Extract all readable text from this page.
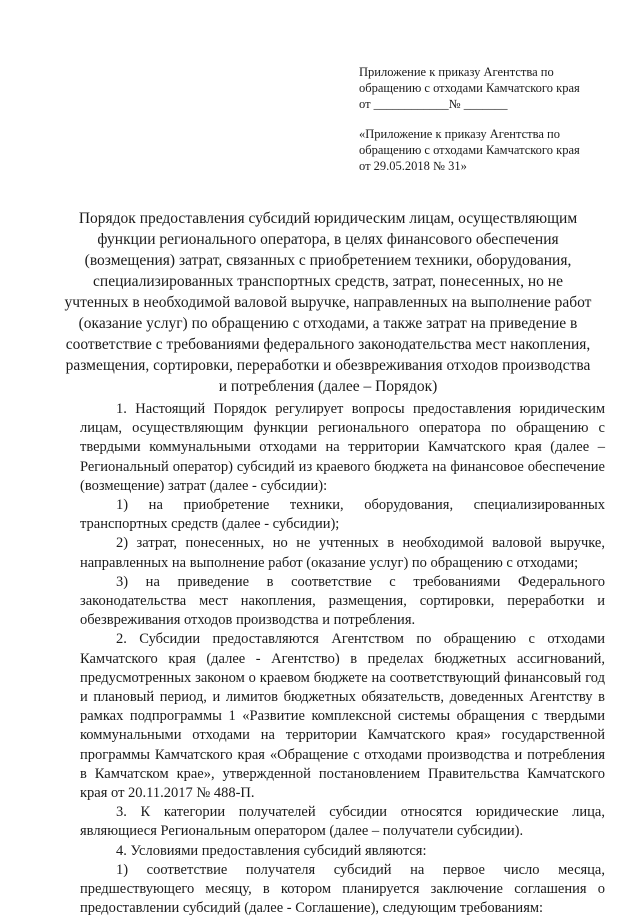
Приложение к приказу Агентства по
обращению с отходами Камчатского края
от ____________№ _______
«Приложение к приказу Агентства по
обращению с отходами Камчатского края
от 29.05.2018 № 31»
Порядок предоставления субсидий юридическим лицам, осуществляющим функции регионального оператора, в целях финансового обеспечения (возмещения) затрат, связанных с приобретением техники, оборудования, специализированных транспортных средств, затрат, понесенных, но не учтенных в необходимой валовой выручке, направленных на выполнение работ (оказание услуг) по обращению с отходами, а также затрат на приведение в соответствие с требованиями федерального законодательства мест накопления, размещения, сортировки, переработки и обезвреживания отходов производства и потребления (далее – Порядок)

1. Настоящий Порядок регулирует вопросы предоставления юридическим лицам, осуществляющим функции регионального оператора по обращению с твердыми коммунальными отходами на территории Камчатского края (далее – Региональный оператор) субсидий из краевого бюджета на финансовое обеспечение (возмещение) затрат (далее - субсидии):

1) на приобретение техники, оборудования, специализированных транспортных средств (далее - субсидии);

2) затрат, понесенных, но не учтенных в необходимой валовой выручке, направленных на выполнение работ (оказание услуг) по обращению с отходами;

3) на приведение в соответствие с требованиями Федерального законодательства мест накопления, размещения, сортировки, переработки и обезвреживания отходов производства и потребления.

2. Субсидии предоставляются Агентством по обращению с отходами Камчатского края (далее - Агентство) в пределах бюджетных ассигнований, предусмотренных законом о краевом бюджете на соответствующий финансовый год и плановый период, и лимитов бюджетных обязательств, доведенных Агентству в рамках подпрограммы 1 «Развитие комплексной системы обращения с твердыми коммунальными отходами на территории Камчатского края» государственной программы Камчатского края «Обращение с отходами производства и потребления в Камчатском крае», утвержденной постановлением Правительства Камчатского края от 20.11.2017 № 488-П.

3. К категории получателей субсидии относятся юридические лица, являющиеся Региональным оператором (далее – получатели субсидии).

4. Условиями предоставления субсидий являются:

1) соответствие получателя субсидий на первое число месяца, предшествующего месяцу, в котором планируется заключение соглашения о предоставлении субсидий (далее - Соглашение), следующим требованиям:
